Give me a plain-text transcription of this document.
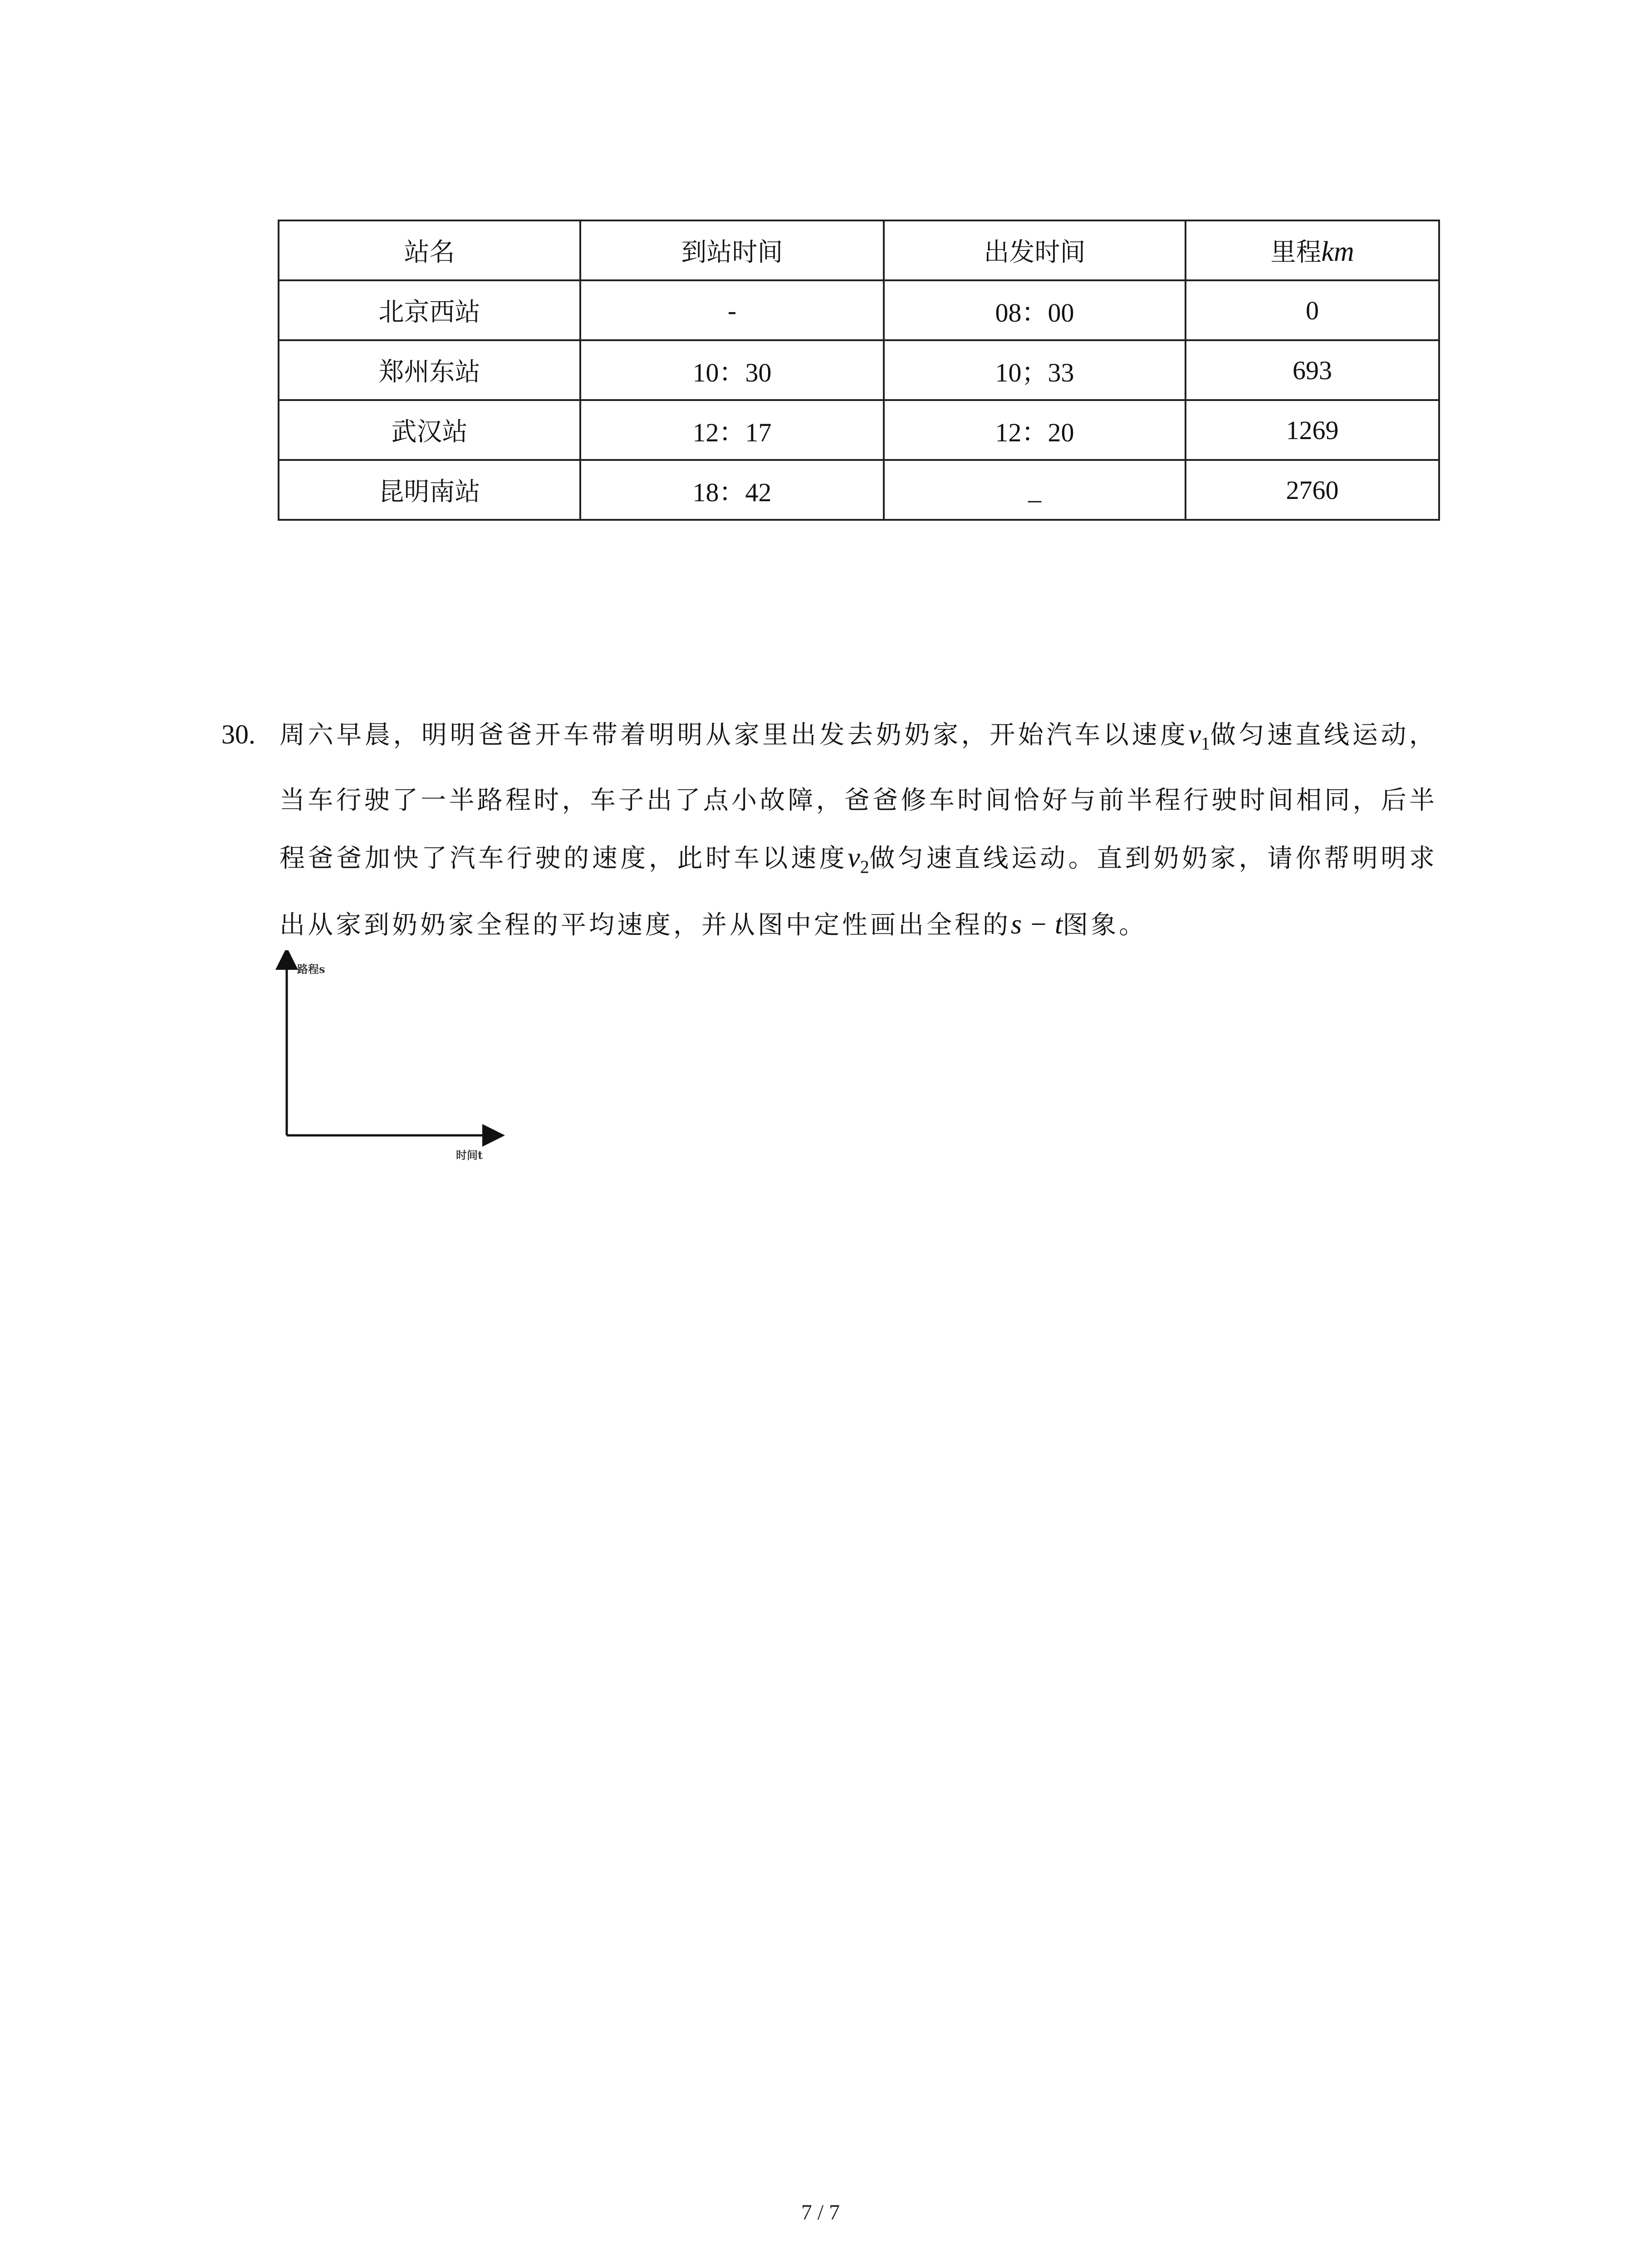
站名	到站时间	出发时间	里程km
北京西站	-	08：00	0
郑州东站	10：30	10；33	693
武汉站	12：17	12：20	1269
昆明南站	18：42	_	2760
30. 周六早晨，明明爸爸开车带着明明从家里出发去奶奶家，开始汽车以速度$v_1$做匀速直线运动，当车行驶了一半路程时，车子出了点小故障，爸爸修车时间恰好与前半程行驶时间相同，后半程爸爸加快了汽车行驶的速度，此时车以速度$v_2$做匀速直线运动。直到奶奶家，请你帮明明求出从家到奶奶家全程的平均速度，并从图中定性画出全程的s − t图象。
路程s
时间t
7 / 7
